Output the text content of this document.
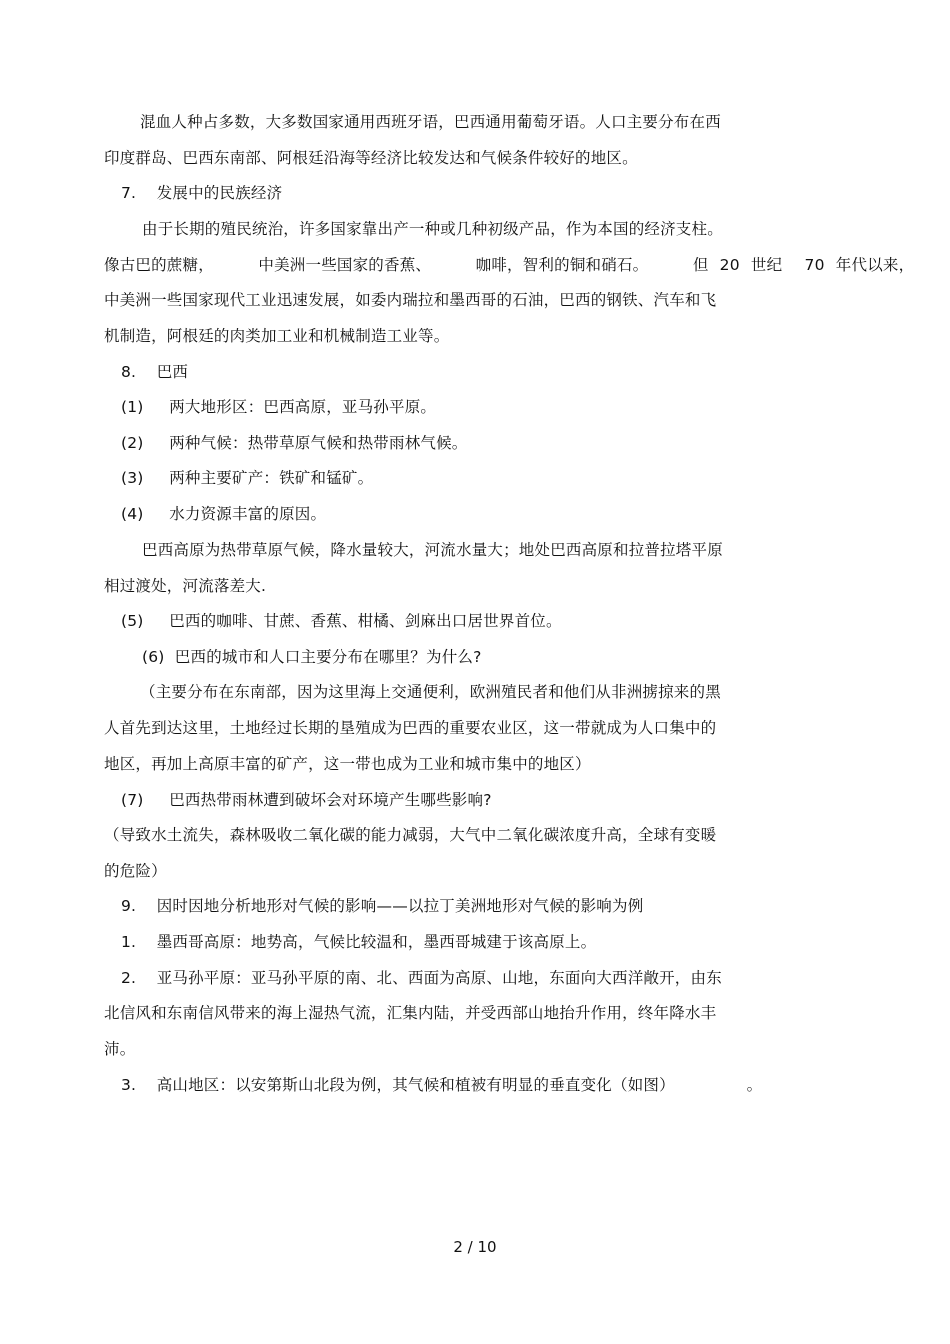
混血人种占多数，大多数国家通用西班牙语，巴西通用葡萄牙语。人口主要分布在西
印度群岛、巴西东南部、阿根廷沿海等经济比较发达和气候条件较好的地区。
7.    发展中的民族经济
由于长期的殖民统治，许多国家靠出产一种或几种初级产品，作为本国的经济支柱。
像古巴的蔗糖，    中美洲一些国家的香蕉、    咖啡，智利的铜和硝石。    但 20 世纪  70 年代以来，
中美洲一些国家现代工业迅速发展，如委内瑞拉和墨西哥的石油，巴西的钢铁、汽车和飞
机制造，阿根廷的肉类加工业和机械制造工业等。
8.    巴西
(1)     两大地形区：巴西高原，亚马孙平原。
(2)     两种气候：热带草原气候和热带雨林气候。
(3)     两种主要矿产：铁矿和锰矿。
(4)     水力资源丰富的原因。
巴西高原为热带草原气候，降水量较大，河流水量大；地处巴西高原和拉普拉塔平原
相过渡处，河流落差大.
(5)     巴西的咖啡、甘蔗、香蕉、柑橘、剑麻出口居世界首位。
(6)  巴西的城市和人口主要分布在哪里？为什么?
（主要分布在东南部，因为这里海上交通便利，欧洲殖民者和他们从非洲掳掠来的黑
人首先到达这里，土地经过长期的垦殖成为巴西的重要农业区，这一带就成为人口集中的
地区，再加上高原丰富的矿产，这一带也成为工业和城市集中的地区）
(7)     巴西热带雨林遭到破坏会对环境产生哪些影响?
（导致水土流失，森林吸收二氧化碳的能力减弱，大气中二氧化碳浓度升高，全球有变暖
的危险）
9.    因时因地分析地形对气候的影响——以拉丁美洲地形对气候的影响为例
1.    墨西哥高原：地势高，气候比较温和，墨西哥城建于该高原上。
2.    亚马孙平原：亚马孙平原的南、北、西面为高原、山地，东面向大西洋敞开，由东
北信风和东南信风带来的海上湿热气流，汇集内陆，并受西部山地抬升作用，终年降水丰
沛。
3.    高山地区：以安第斯山北段为例，其气候和植被有明显的垂直变化（如图）              。
2 / 10
